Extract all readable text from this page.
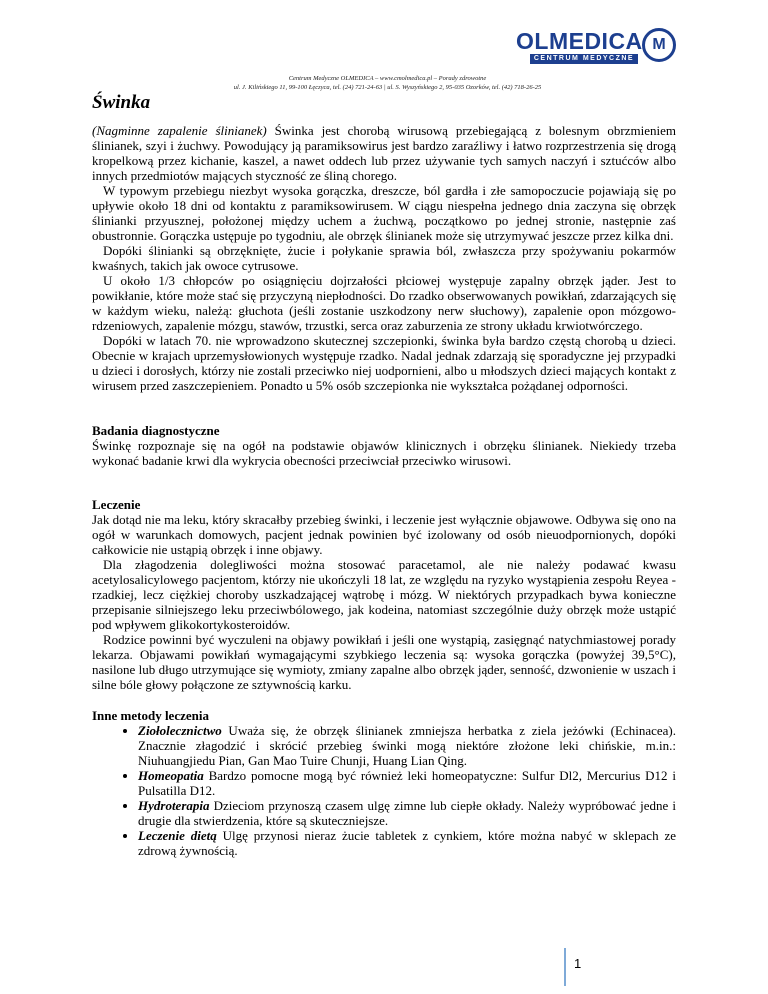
OLMEDICA
CENTRUM MEDYCZNE
M
Centrum Medyczne OLMEDICA – www.cmolmedica.pl – Porady zdrowotne
ul. J. Kilińskiego 11, 99-100 Łęczyca, tel. (24) 721-24-63 | ul. S. Wyszyńskiego 2, 95-035 Ozorków, tel. (42) 718-26-25
Świnka

(Nagminne zapalenie ślinianek) Świnka jest chorobą wirusową przebiegającą z bolesnym obrzmieniem ślinianek, szyi i żuchwy. Powodujący ją paramiksowirus jest bardzo zaraźliwy i łatwo rozprzestrzenia się drogą kropelkową przez kichanie, kaszel, a nawet oddech lub przez używanie tych samych naczyń i sztućców albo innych przedmiotów mających styczność ze śliną chorego.

W typowym przebiegu niezbyt wysoka gorączka, dreszcze, ból gardła i złe samopoczucie pojawiają się po upływie około 18 dni od kontaktu z paramiksowirusem. W ciągu niespełna jednego dnia zaczyna się obrzęk ślinianki przyusznej, położonej między uchem a żuchwą, początkowo po jednej stronie, następnie zaś obustronnie. Gorączka ustępuje po tygodniu, ale obrzęk ślinianek może się utrzymywać jeszcze przez kilka dni.

Dopóki ślinianki są obrzęknięte, żucie i połykanie sprawia ból, zwłaszcza przy spożywaniu pokarmów kwaśnych, takich jak owoce cytrusowe.

U około 1/3 chłopców po osiągnięciu dojrzałości płciowej występuje zapalny obrzęk jąder. Jest to powikłanie, które może stać się przyczyną niepłodności. Do rzadko obserwowanych powikłań, zdarzających się w każdym wieku, należą: głuchota (jeśli zostanie uszkodzony nerw słuchowy), zapalenie opon mózgowo-rdzeniowych, zapalenie mózgu, stawów, trzustki, serca oraz zaburzenia ze strony układu krwiotwórczego.

Dopóki w latach 70. nie wprowadzono skutecznej szczepionki, świnka była bardzo częstą chorobą u dzieci. Obecnie w krajach uprzemysłowionych występuje rzadko. Nadal jednak zdarzają się sporadyczne jej przypadki u dzieci i dorosłych, którzy nie zostali przeciwko niej uodpornieni, albo u młodszych dzieci mających kontakt z wirusem przed zaszczepieniem. Ponadto u 5% osób szczepionka nie wykształca pożądanej odporności.

Badania diagnostyczne

Świnkę rozpoznaje się na ogół na podstawie objawów klinicznych i obrzęku ślinianek. Niekiedy trzeba wykonać badanie krwi dla wykrycia obecności przeciwciał przeciwko wirusowi.

Leczenie

Jak dotąd nie ma leku, który skracałby przebieg świnki, i leczenie jest wyłącznie objawowe. Odbywa się ono na ogół w warunkach domowych, pacjent jednak powinien być izolowany od osób nieuodpornionych, dopóki całkowicie nie ustąpią obrzęk i inne objawy.

Dla złagodzenia dolegliwości można stosować paracetamol, ale nie należy podawać kwasu acetylosalicylowego pacjentom, którzy nie ukończyli 18 lat, ze względu na ryzyko wystąpienia zespołu Reyea - rzadkiej, lecz ciężkiej choroby uszkadzającej wątrobę i mózg. W niektórych przypadkach bywa konieczne przepisanie silniejszego leku przeciwbólowego, jak kodeina, natomiast szczególnie duży obrzęk może ustąpić pod wpływem glikokortykosteroidów.

Rodzice powinni być wyczuleni na objawy powikłań i jeśli one wystąpią, zasięgnąć natychmiastowej porady lekarza. Objawami powikłań wymagającymi szybkiego leczenia są: wysoka gorączka (powyżej 39,5°C), nasilone lub długo utrzymujące się wymioty, zmiany zapalne albo obrzęk jąder, senność, dzwonienie w uszach i silne bóle głowy połączone ze sztywnością karku.

Inne metody leczenia

• Ziołolecznictwo Uważa się, że obrzęk ślinianek zmniejsza herbatka z ziela jeżówki (Echinacea). Znacznie złagodzić i skrócić przebieg świnki mogą niektóre złożone leki chińskie, m.in.: Niuhuangjiedu Pian, Gan Mao Tuire Chunji, Huang Lian Qing.
• Homeopatia Bardzo pomocne mogą być również leki homeopatyczne: Sulfur Dl2, Mercurius D12 i Pulsatilla D12.
• Hydroterapia Dzieciom przynoszą czasem ulgę zimne lub ciepłe okłady. Należy wypróbować jedne i drugie dla stwierdzenia, które są skuteczniejsze.
• Leczenie dietą Ulgę przynosi nieraz żucie tabletek z cynkiem, które można nabyć w sklepach ze zdrową żywnością.
1
